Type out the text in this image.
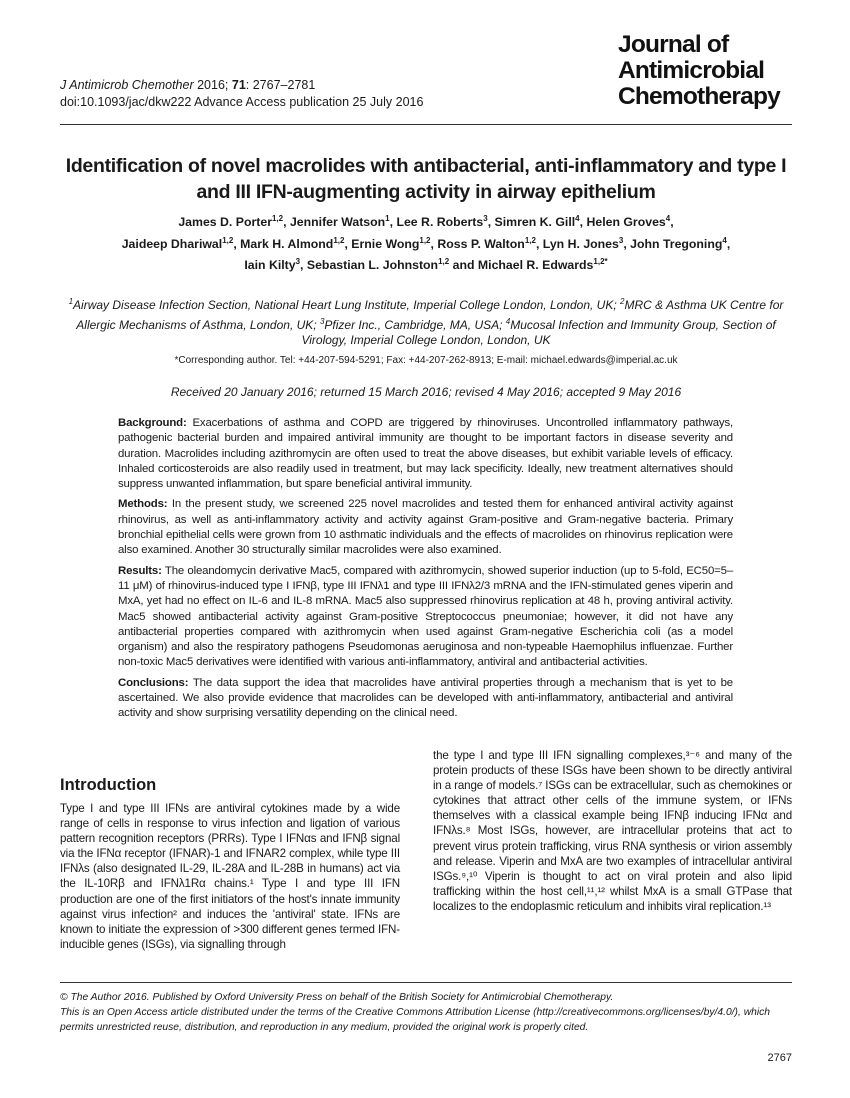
J Antimicrob Chemother 2016; 71: 2767–2781
doi:10.1093/jac/dkw222 Advance Access publication 25 July 2016
Journal of
Antimicrobial
Chemotherapy
Identification of novel macrolides with antibacterial, anti-inflammatory and type I and III IFN-augmenting activity in airway epithelium
James D. Porter$^{1,2}$, Jennifer Watson$^1$, Lee R. Roberts$^3$, Simren K. Gill$^4$, Helen Groves$^4$,
Jaideep Dhariwal$^{1,2}$, Mark H. Almond$^{1,2}$, Ernie Wong$^{1,2}$, Ross P. Walton$^{1,2}$, Lyn H. Jones$^3$, John Tregoning$^4$,
Iain Kilty$^3$, Sebastian L. Johnston$^{1,2}$ and Michael R. Edwards$^{1,2*}$
$^1$Airway Disease Infection Section, National Heart Lung Institute, Imperial College London, London, UK; $^2$MRC & Asthma UK Centre for Allergic Mechanisms of Asthma, London, UK; $^3$Pfizer Inc., Cambridge, MA, USA; $^4$Mucosal Infection and Immunity Group, Section of Virology, Imperial College London, London, UK
*Corresponding author. Tel: +44-207-594-5291; Fax: +44-207-262-8913; E-mail: michael.edwards@imperial.ac.uk
Received 20 January 2016; returned 15 March 2016; revised 4 May 2016; accepted 9 May 2016

Background: Exacerbations of asthma and COPD are triggered by rhinoviruses. Uncontrolled inflammatory pathways, pathogenic bacterial burden and impaired antiviral immunity are thought to be important factors in disease severity and duration. Macrolides including azithromycin are often used to treat the above diseases, but exhibit variable levels of efficacy. Inhaled corticosteroids are also readily used in treatment, but may lack specificity. Ideally, new treatment alternatives should suppress unwanted inflammation, but spare beneficial antiviral immunity.

Methods: In the present study, we screened 225 novel macrolides and tested them for enhanced antiviral activity against rhinovirus, as well as anti-inflammatory activity and activity against Gram-positive and Gram-negative bacteria. Primary bronchial epithelial cells were grown from 10 asthmatic individuals and the effects of macrolides on rhinovirus replication were also examined. Another 30 structurally similar macrolides were also examined.

Results: The oleandomycin derivative Mac5, compared with azithromycin, showed superior induction (up to 5-fold, EC50=5–11 μM) of rhinovirus-induced type I IFNβ, type III IFNλ1 and type III IFNλ2/3 mRNA and the IFN-stimulated genes viperin and MxA, yet had no effect on IL-6 and IL-8 mRNA. Mac5 also suppressed rhinovirus replication at 48 h, proving antiviral activity. Mac5 showed antibacterial activity against Gram-positive Streptococcus pneumoniae; however, it did not have any antibacterial properties compared with azithromycin when used against Gram-negative Escherichia coli (as a model organism) and also the respiratory pathogens Pseudomonas aeruginosa and non-typeable Haemophilus influenzae. Further non-toxic Mac5 derivatives were identified with various anti-inflammatory, antiviral and antibacterial activities.

Conclusions: The data support the idea that macrolides have antiviral properties through a mechanism that is yet to be ascertained. We also provide evidence that macrolides can be developed with anti-inflammatory, antibacterial and antiviral activity and show surprising versatility depending on the clinical need.

Introduction
Type I and type III IFNs are antiviral cytokines made by a wide range of cells in response to virus infection and ligation of various pattern recognition receptors (PRRs). Type I IFNαs and IFNβ signal via the IFNα receptor (IFNAR)-1 and IFNAR2 complex, while type III IFNλs (also designated IL-29, IL-28A and IL-28B in humans) act via the IL-10Rβ and IFNλ1Rα chains.¹ Type I and type III IFN production are one of the first initiators of the host's innate immunity against virus infection² and induces the 'antiviral' state. IFNs are known to initiate the expression of >300 different genes termed IFN-inducible genes (ISGs), via signalling through
the type I and type III IFN signalling complexes,³⁻⁶ and many of the protein products of these ISGs have been shown to be directly antiviral in a range of models.⁷ ISGs can be extracellular, such as chemokines or cytokines that attract other cells of the immune system, or IFNs themselves with a classical example being IFNβ inducing IFNα and IFNλs.⁸ Most ISGs, however, are intracellular proteins that act to prevent virus protein trafficking, virus RNA synthesis or virion assembly and release. Viperin and MxA are two examples of intracellular antiviral ISGs.⁹,¹⁰ Viperin is thought to act on viral protein and also lipid trafficking within the host cell,¹¹,¹² whilst MxA is a small GTPase that localizes to the endoplasmic reticulum and inhibits viral replication.¹³
© The Author 2016. Published by Oxford University Press on behalf of the British Society for Antimicrobial Chemotherapy.
This is an Open Access article distributed under the terms of the Creative Commons Attribution License (http://creativecommons.org/licenses/by/4.0/), which permits unrestricted reuse, distribution, and reproduction in any medium, provided the original work is properly cited.
2767
